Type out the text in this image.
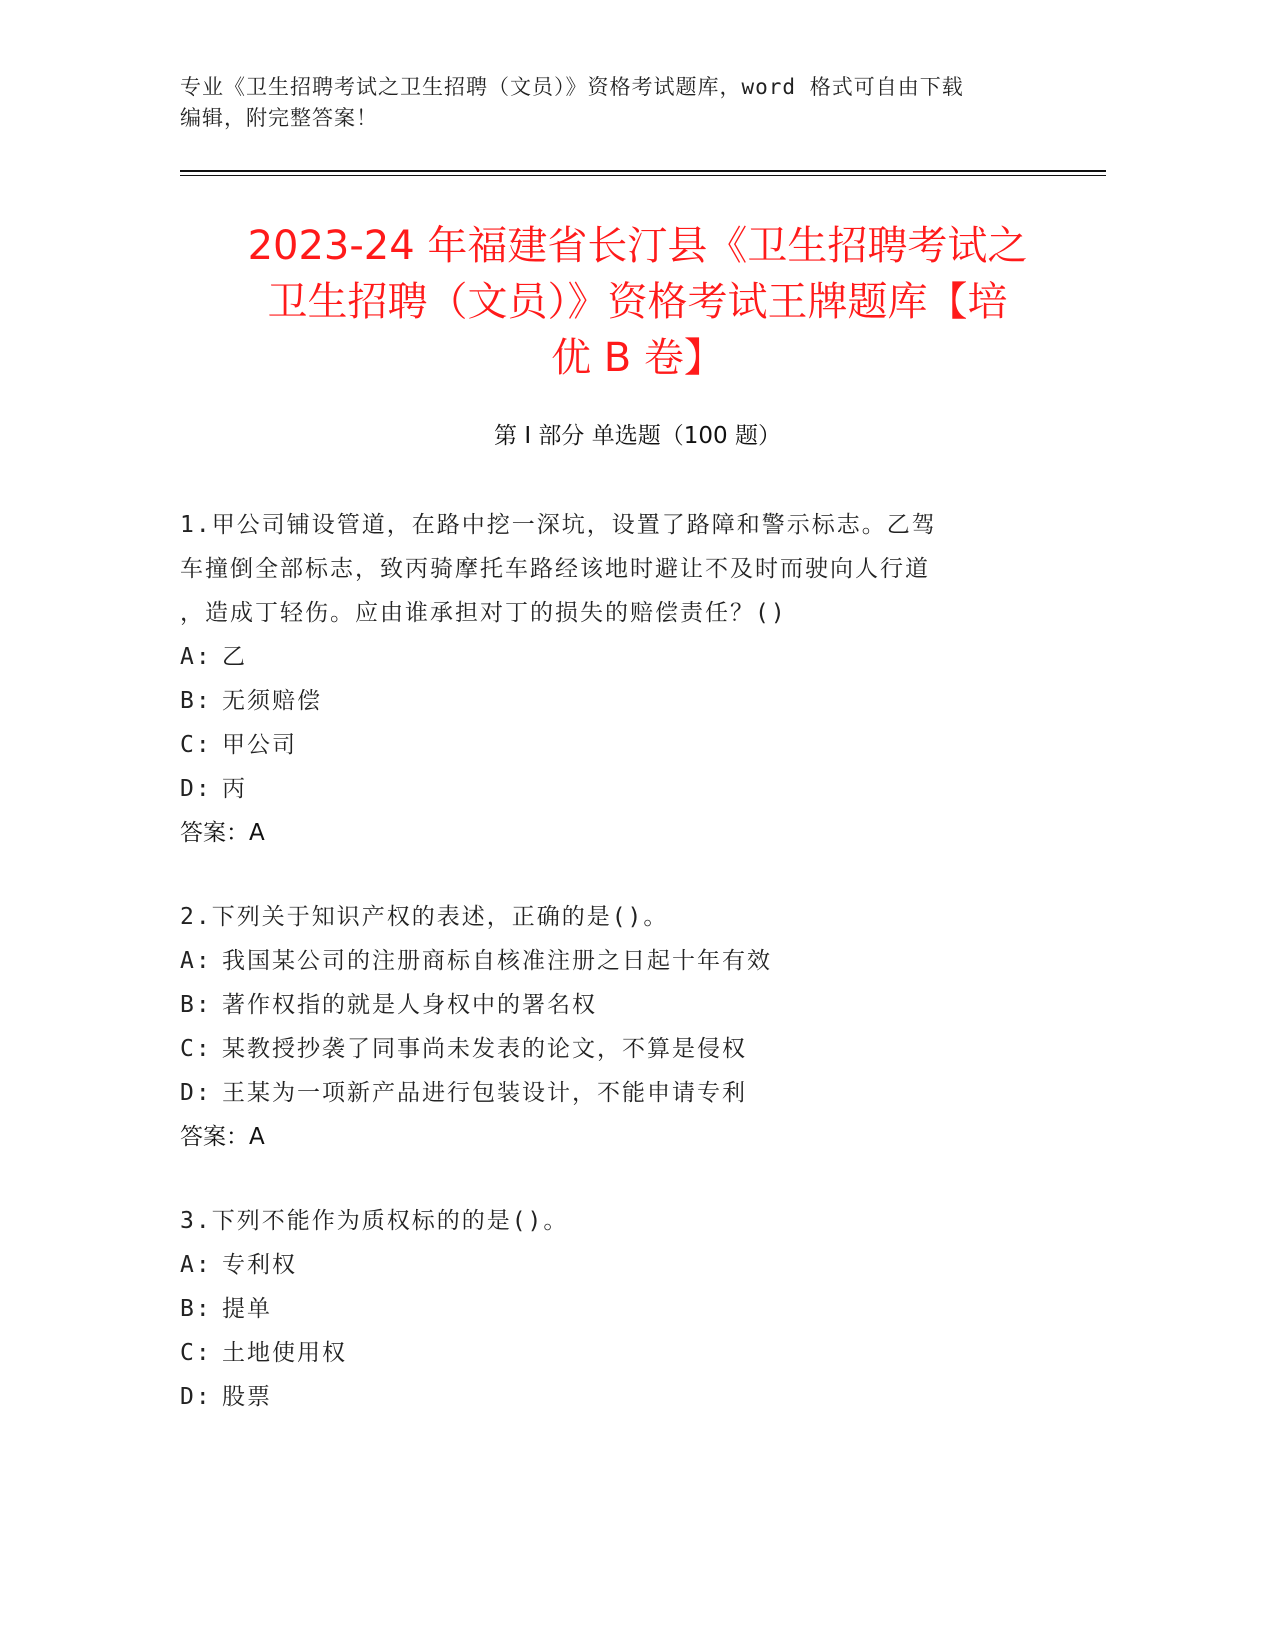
专业《卫生招聘考试之卫生招聘（文员）》资格考试题库，word 格式可自由下载
编辑，附完整答案！
2023-24 年福建省长汀县《卫生招聘考试之
卫生招聘（文员）》资格考试王牌题库【培
优 B 卷】
第 I 部分 单选题（100 题）
1.甲公司铺设管道，在路中挖一深坑，设置了路障和警示标志。乙驾
车撞倒全部标志，致丙骑摩托车路经该地时避让不及时而驶向人行道
，造成丁轻伤。应由谁承担对丁的损失的赔偿责任？()
A: 乙
B: 无须赔偿
C: 甲公司
D: 丙
答案：A
2.下列关于知识产权的表述，正确的是()。
A: 我国某公司的注册商标自核准注册之日起十年有效
B: 著作权指的就是人身权中的署名权
C: 某教授抄袭了同事尚未发表的论文，不算是侵权
D: 王某为一项新产品进行包装设计，不能申请专利
答案：A
3.下列不能作为质权标的的是()。
A: 专利权
B: 提单
C: 土地使用权
D: 股票
